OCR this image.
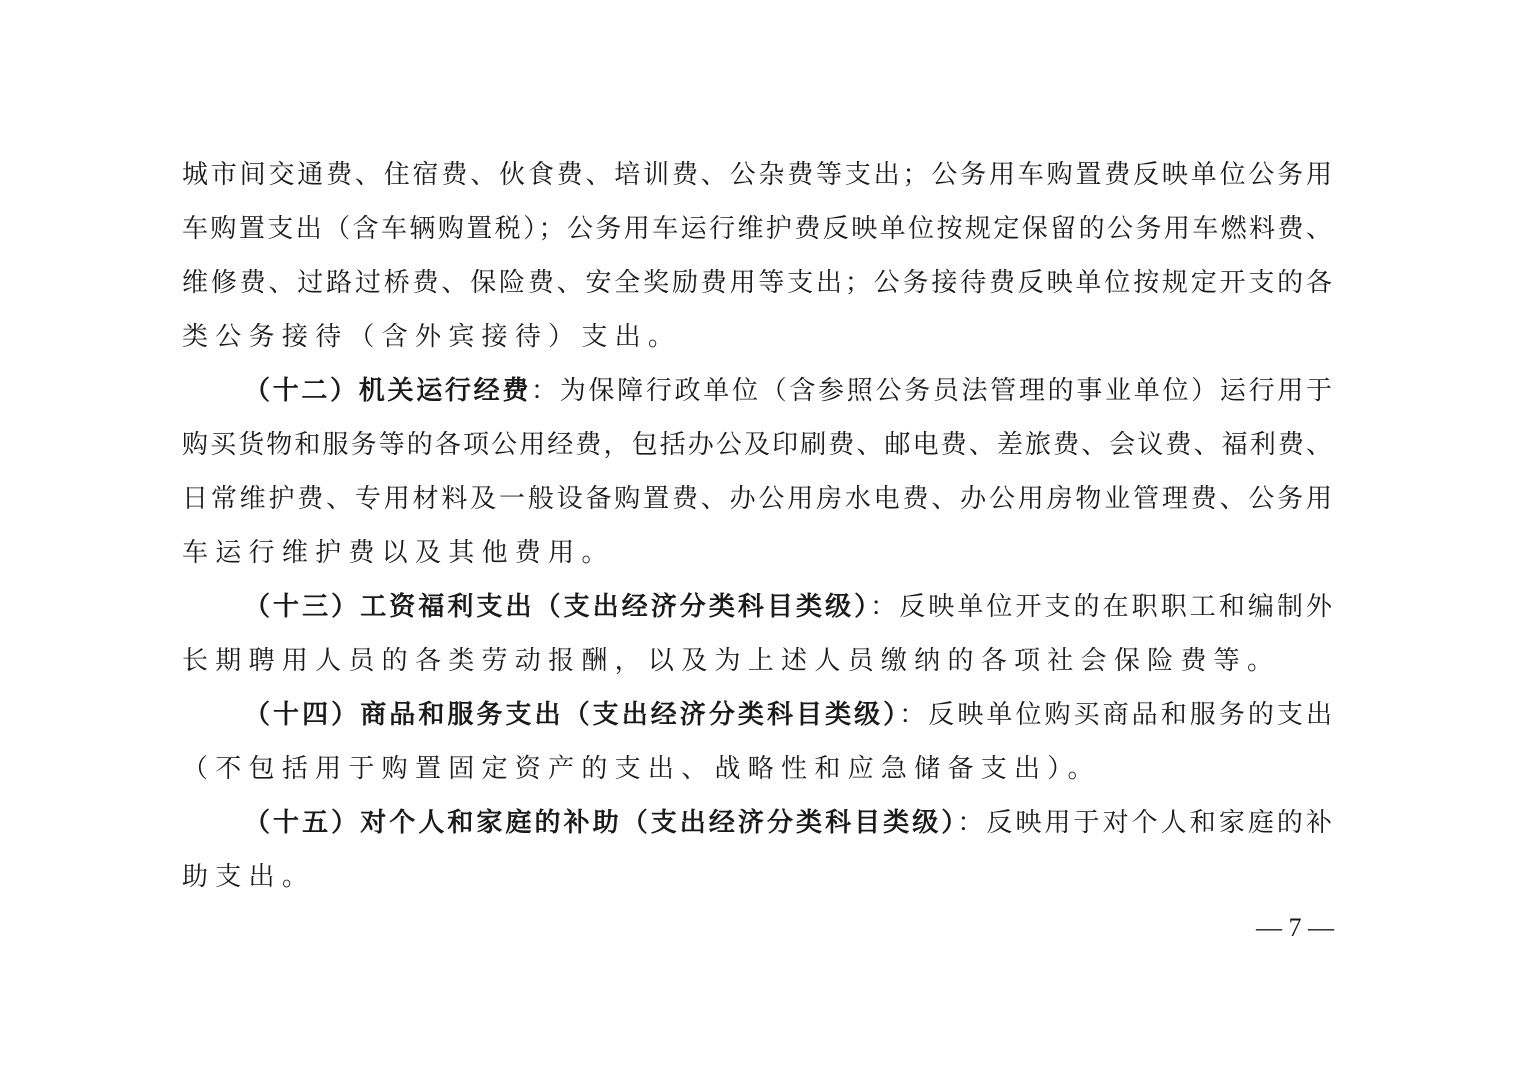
城市间交通费、住宿费、伙食费、培训费、公杂费等支出；公务用车购置费反映单位公务用
车购置支出（含车辆购置税）；公务用车运行维护费反映单位按规定保留的公务用车燃料费、
维修费、过路过桥费、保险费、安全奖励费用等支出；公务接待费反映单位按规定开支的各
类公务接待（含外宾接待）支出。
（十二）机关运行经费：为保障行政单位（含参照公务员法管理的事业单位）运行用于
购买货物和服务等的各项公用经费，包括办公及印刷费、邮电费、差旅费、会议费、福利费、
日常维护费、专用材料及一般设备购置费、办公用房水电费、办公用房物业管理费、公务用
车运行维护费以及其他费用。
（十三）工资福利支出（支出经济分类科目类级）：反映单位开支的在职职工和编制外
长期聘用人员的各类劳动报酬，以及为上述人员缴纳的各项社会保险费等。
（十四）商品和服务支出（支出经济分类科目类级）：反映单位购买商品和服务的支出
（不包括用于购置固定资产的支出、战略性和应急储备支出）。
（十五）对个人和家庭的补助（支出经济分类科目类级）：反映用于对个人和家庭的补
助支出。
— 7 —
